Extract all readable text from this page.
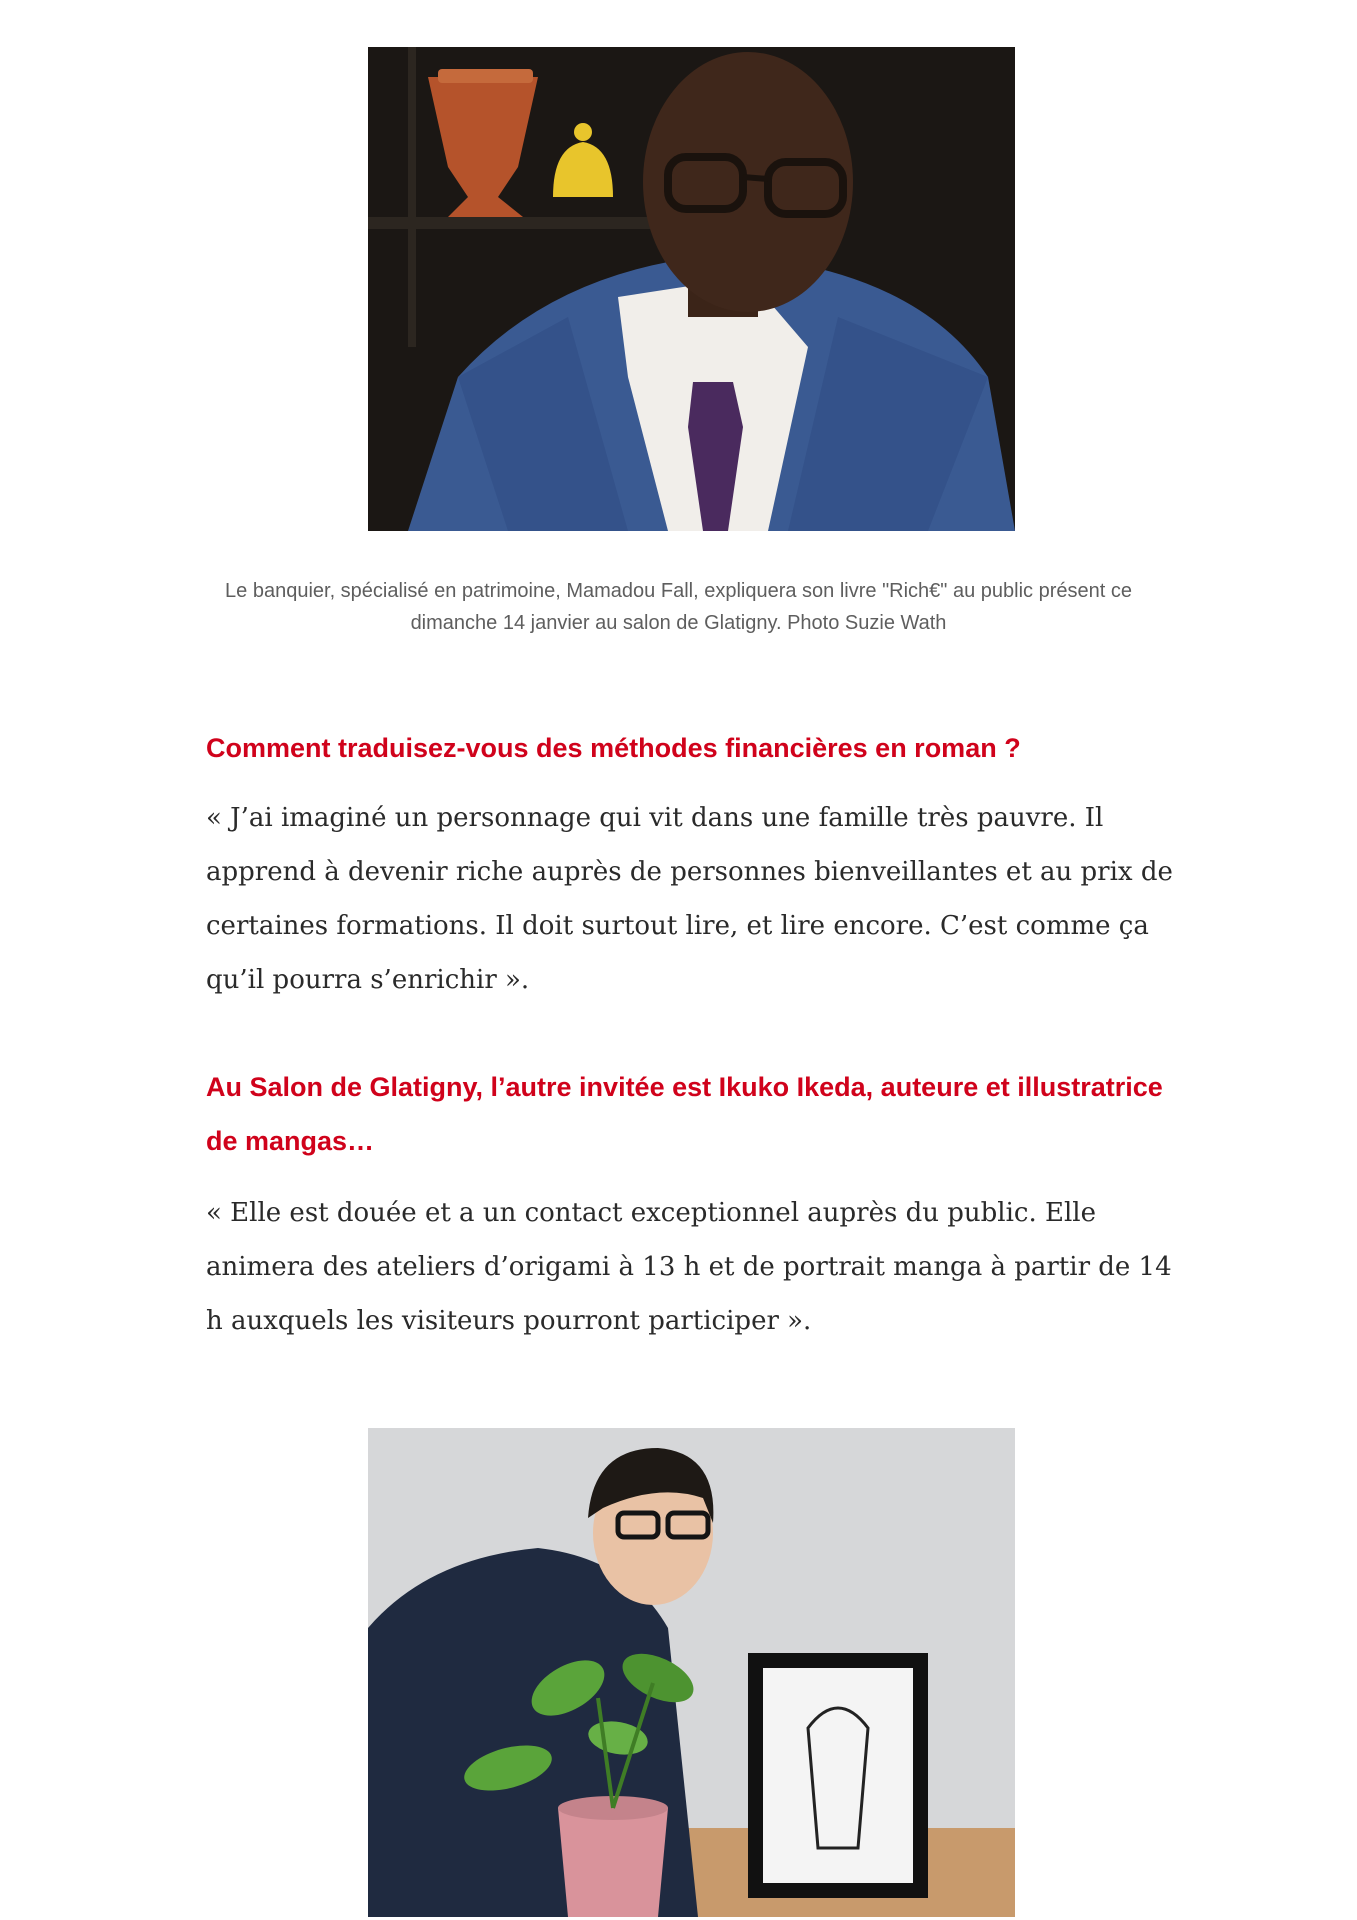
Le banquier, spécialisé en patrimoine, Mamadou Fall, expliquera son livre "Rich€" au public présent ce dimanche 14 janvier au salon de Glatigny. Photo Suzie Wath
Comment traduisez-vous des méthodes financières en roman ?
« J’ai imaginé un personnage qui vit dans une famille très pauvre. Il apprend à devenir riche auprès de personnes bienveillantes et au prix de certaines formations. Il doit surtout lire, et lire encore. C’est comme ça qu’il pourra s’enrichir ».
Au Salon de Glatigny, l’autre invitée est Ikuko Ikeda, auteure et illustratrice de mangas…
« Elle est douée et a un contact exceptionnel auprès du public. Elle animera des ateliers d’origami à 13 h et de portrait manga à partir de 14 h auxquels les visiteurs pourront participer ».
